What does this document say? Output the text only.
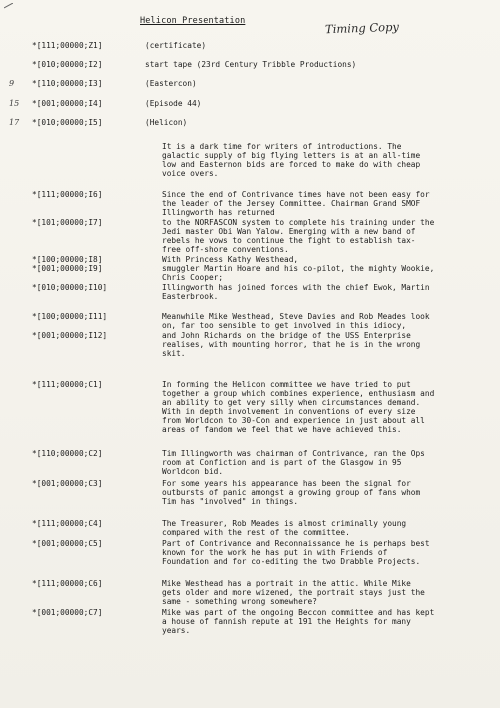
Helicon Presentation	Timing Copy
9
15
17
*[111;00000;Z1]	(certificate)
*[010;00000;I2]	start tape (23rd Century Tribble Productions)
*[110;00000;I3]	(Eastercon)
*[001;00000;I4]	(Episode 44)
*[010;00000;I5]	(Helicon)
It is a dark time for writers of introductions. The
galactic supply of big flying letters is at an all-time
low and Easternon bids are forced to make do with cheap
voice overs.
*[111;00000;I6]	Since the end of Contrivance times have not been easy for
the leader of the Jersey Committee. Chairman Grand SMOF
Illingworth has returned
*[101;00000;I7]	to the NORFASCON system to complete his training under the
Jedi master Obi Wan Yalow. Emerging with a new band of
rebels he vows to continue the fight to establish tax-
free off-shore conventions.
*[100;00000;I8]	With Princess Kathy Westhead,
*[001;00000;I9]	smuggler Martin Hoare and his co-pilot, the mighty Wookie,
Chris Cooper;
*[010;00000;I10]	Illingworth has joined forces with the chief Ewok, Martin
Easterbrook.
*[100;00000;I11]	Meanwhile Mike Westhead, Steve Davies and Rob Meades look
on, far too sensible to get involved in this idiocy,
*[001;00000;I12]	and John Richards on the bridge of the USS Enterprise
realises, with mounting horror, that he is in the wrong
skit.
*[111;00000;C1]	In forming the Helicon committee we have tried to put
together a group which combines experience, enthusiasm and
an ability to get very silly when circumstances demand.
With in depth involvement in conventions of every size
from Worldcon to 30-Con and experience in just about all
areas of fandom we feel that we have achieved this.
*[110;00000;C2]	Tim Illingworth was chairman of Contrivance, ran the Ops
room at Confiction and is part of the Glasgow in 95
Worldcon bid.
*[001;00000;C3]	For some years his appearance has been the signal for
outbursts of panic amongst a growing group of fans whom
Tim has "involved" in things.
*[111;00000;C4]	The Treasurer, Rob Meades is almost criminally young
compared with the rest of the committee.
*[001;00000;C5]	Part of Contrivance and Reconnaissance he is perhaps best
known for the work he has put in with Friends of
Foundation and for co-editing the two Drabble Projects.
*[111;00000;C6]	Mike Westhead has a portrait in the attic. While Mike
gets older and more wizened, the portrait stays just the
same - something wrong somewhere?
*[001;00000;C7]	Mike was part of the ongoing Beccon committee and has kept
a house of fannish repute at 191 the Heights for many
years.
